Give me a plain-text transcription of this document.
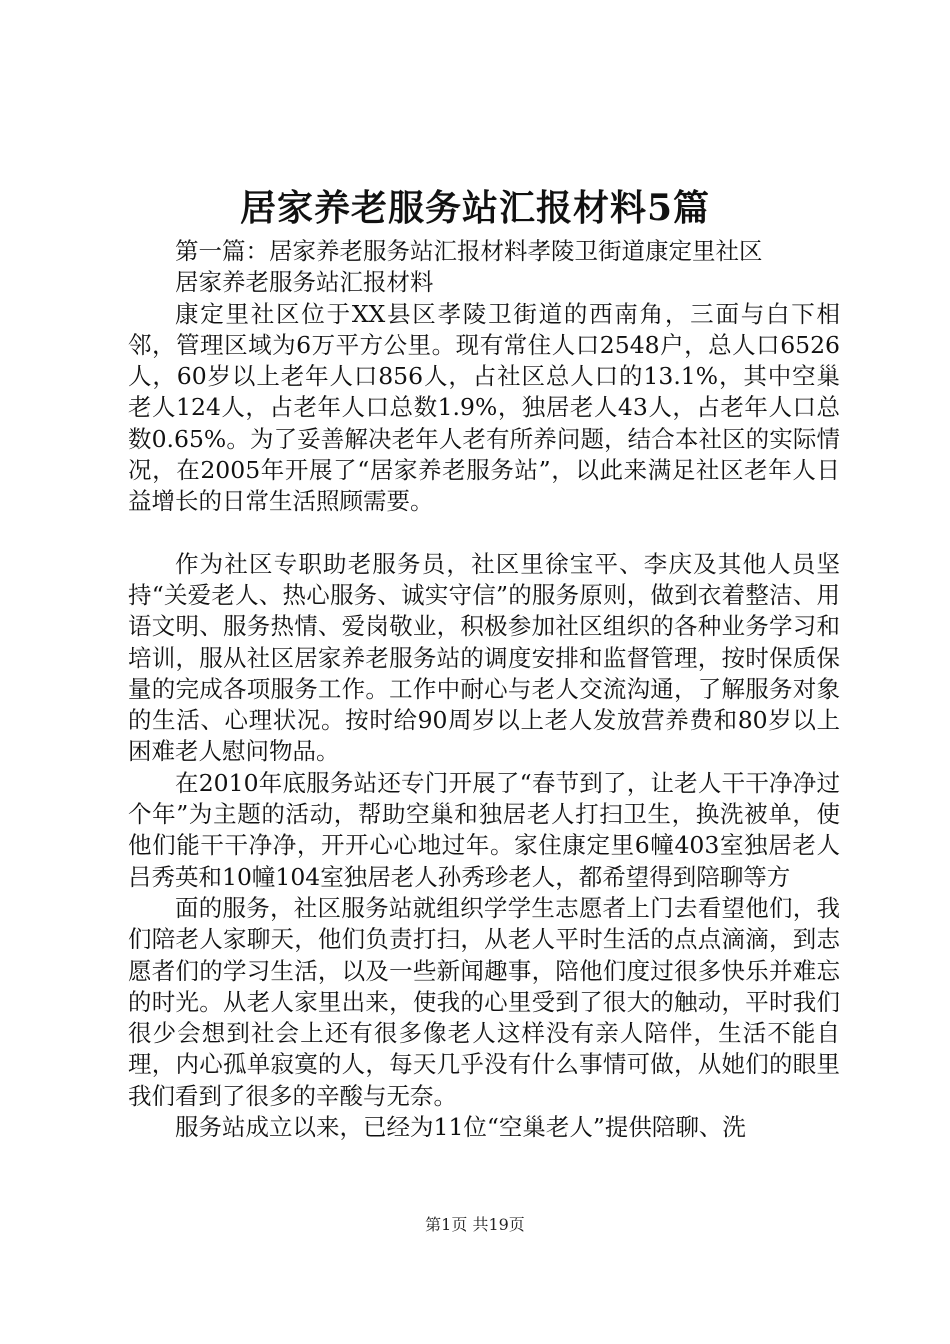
居家养老服务站汇报材料5篇

第一篇：居家养老服务站汇报材料孝陵卫街道康定里社区

居家养老服务站汇报材料

康定里社区位于XX县区孝陵卫街道的西南角，三面与白下相邻，管理区域为6万平方公里。现有常住人口2548户，总人口6526人，60岁以上老年人口856人，占社区总人口的13.1%，其中空巢老人124人，占老年人口总数1.9%，独居老人43人，占老年人口总数0.65%。为了妥善解决老年人老有所养问题，结合本社区的实际情况，在2005年开展了“居家养老服务站”，以此来满足社区老年人日益增长的日常生活照顾需要。

作为社区专职助老服务员，社区里徐宝平、李庆及其他人员坚持“关爱老人、热心服务、诚实守信”的服务原则，做到衣着整洁、用语文明、服务热情、爱岗敬业，积极参加社区组织的各种业务学习和培训，服从社区居家养老服务站的调度安排和监督管理，按时保质保量的完成各项服务工作。工作中耐心与老人交流沟通，了解服务对象的生活、心理状况。按时给90周岁以上老人发放营养费和80岁以上困难老人慰问物品。

在2010年底服务站还专门开展了“春节到了，让老人干干净净过个年”为主题的活动，帮助空巢和独居老人打扫卫生，换洗被单，使他们能干干净净，开开心心地过年。家住康定里6幢403室独居老人吕秀英和10幢104室独居老人孙秀珍老人，都希望得到陪聊等方

面的服务，社区服务站就组织学学生志愿者上门去看望他们，我们陪老人家聊天，他们负责打扫，从老人平时生活的点点滴滴，到志愿者们的学习生活，以及一些新闻趣事，陪他们度过很多快乐并难忘的时光。从老人家里出来，使我的心里受到了很大的触动，平时我们很少会想到社会上还有很多像老人这样没有亲人陪伴，生活不能自理，内心孤单寂寞的人，每天几乎没有什么事情可做，从她们的眼里我们看到了很多的辛酸与无奈。

服务站成立以来，已经为11位“空巢老人”提供陪聊、洗

第1页 共19页
